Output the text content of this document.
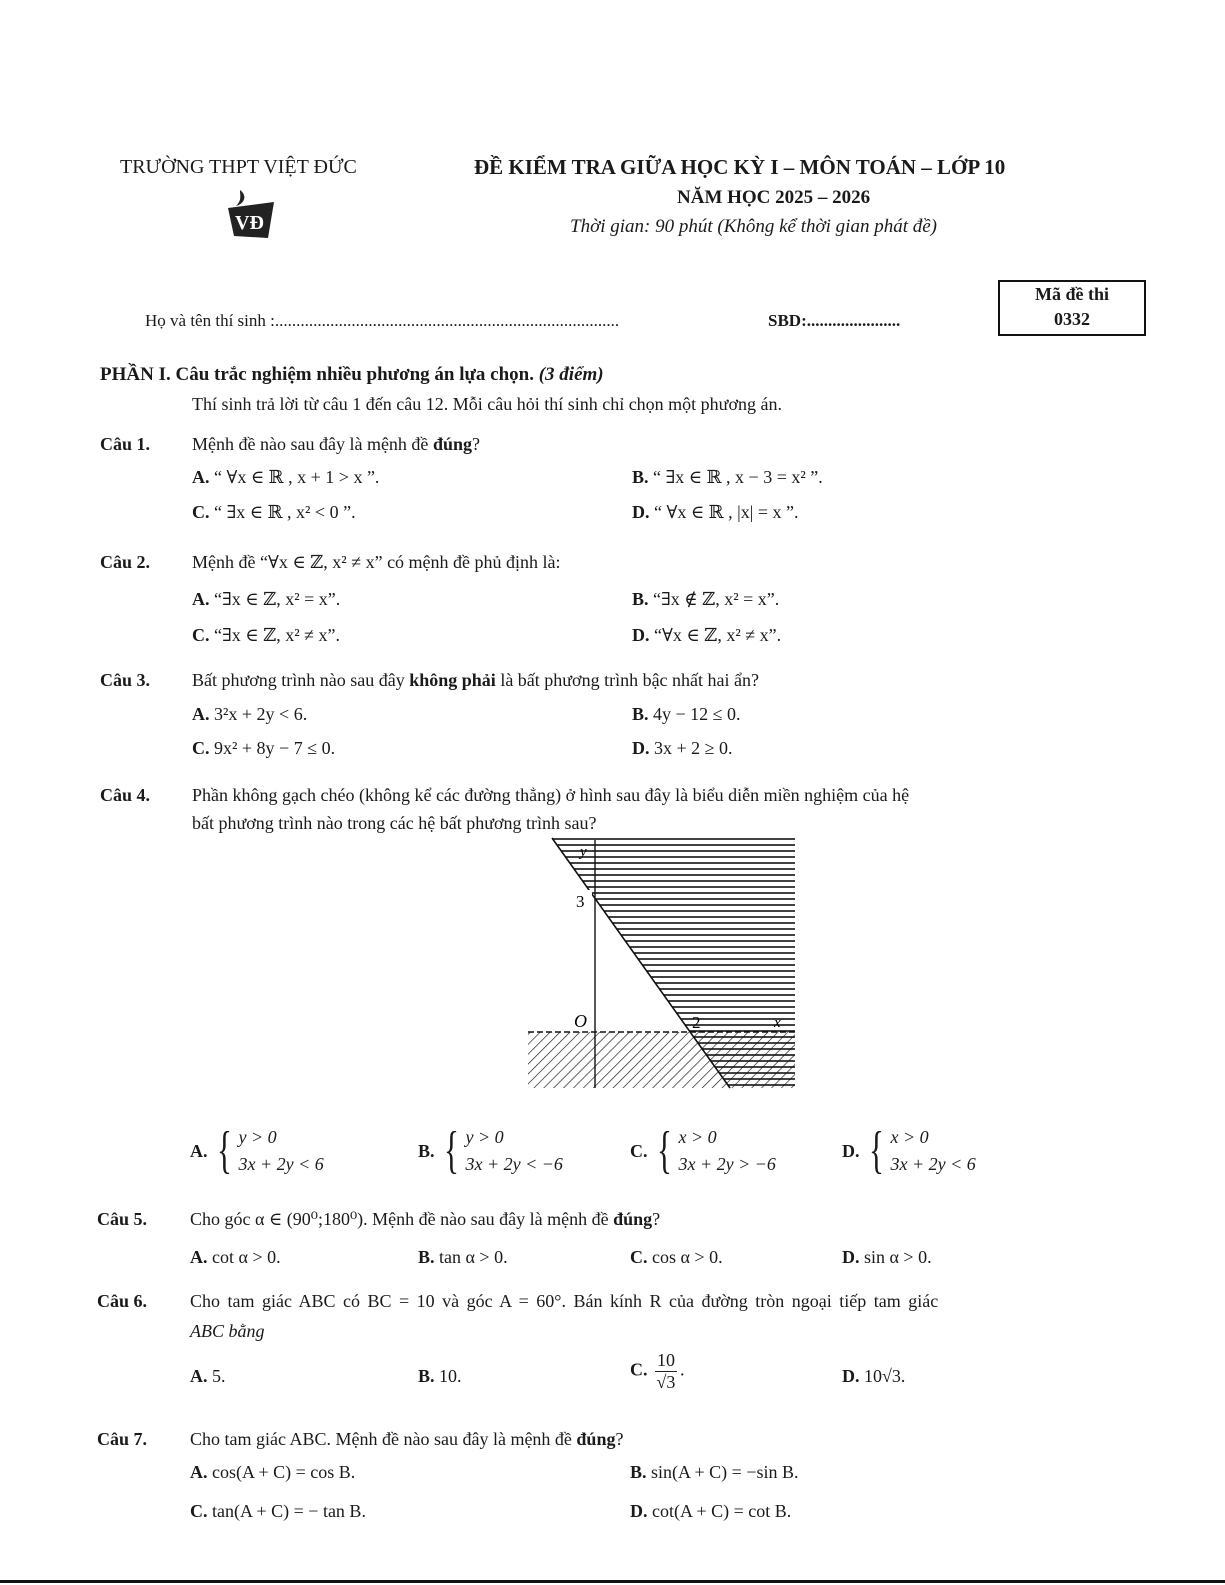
TRƯỜNG THPT VIỆT ĐỨC
VĐ
ĐỀ KIỂM TRA GIỮA HỌC KỲ I – MÔN TOÁN – LỚP 10
NĂM HỌC 2025 – 2026
Thời gian: 90 phút (Không kể thời gian phát đề)
Mã đề thi
0332
Họ và tên thí sinh :.................................................................................	SBD:......................
PHẦN I. Câu trắc nghiệm nhiều phương án lựa chọn. (3 điểm)
Thí sinh trả lời từ câu 1 đến câu 12. Mỗi câu hỏi thí sinh chỉ chọn một phương án.
Câu 1. Mệnh đề nào sau đây là mệnh đề đúng?
A. “ ∀x ∈ ℝ , x + 1 > x ”.	B. “ ∃x ∈ ℝ , x − 3 = x² ”.
C. “ ∃x ∈ ℝ , x² < 0 ”.	D. “ ∀x ∈ ℝ , |x| = x ”.
Câu 2. Mệnh đề “∀x ∈ ℤ, x² ≠ x” có mệnh đề phủ định là:
A. “∃x ∈ ℤ, x² = x”.	B. “∃x ∉ ℤ, x² = x”.
C. “∃x ∈ ℤ, x² ≠ x”.	D. “∀x ∈ ℤ, x² ≠ x”.
Câu 3. Bất phương trình nào sau đây không phải là bất phương trình bậc nhất hai ẩn?
A. 3²x + 2y < 6.	B. 4y − 12 ≤ 0.
C. 9x² + 8y − 7 ≤ 0.	D. 3x + 2 ≥ 0.
Câu 4. Phần không gạch chéo (không kể các đường thẳng) ở hình sau đây là biểu diễn miền nghiệm của hệ
bất phương trình nào trong các hệ bất phương trình sau?
3
y
O	2	x
A. { y > 0
3x + 2y < 6
B. { y > 0
3x + 2y < −6
C. { x > 0
3x + 2y > −6
D. { x > 0
3x + 2y < 6
Câu 5. Cho góc α ∈ (90⁰;180⁰). Mệnh đề nào sau đây là mệnh đề đúng?
A. cot α > 0.	B. tan α > 0.	C. cos α > 0.	D. sin α > 0.
Câu 6. Cho tam giác ABC có BC = 10 và góc A = 60°. Bán kính R của đường tròn ngoại tiếp tam giác
ABC bằng
A. 5.	B. 10.	C. $\frac{10}{√3}$ .	D. 10√3.
Câu 7. Cho tam giác ABC. Mệnh đề nào sau đây là mệnh đề đúng?
A. cos(A + C) = cos B.	B. sin(A + C) = −sin B.
C. tan(A + C) = − tan B.	D. cot(A + C) = cot B.
